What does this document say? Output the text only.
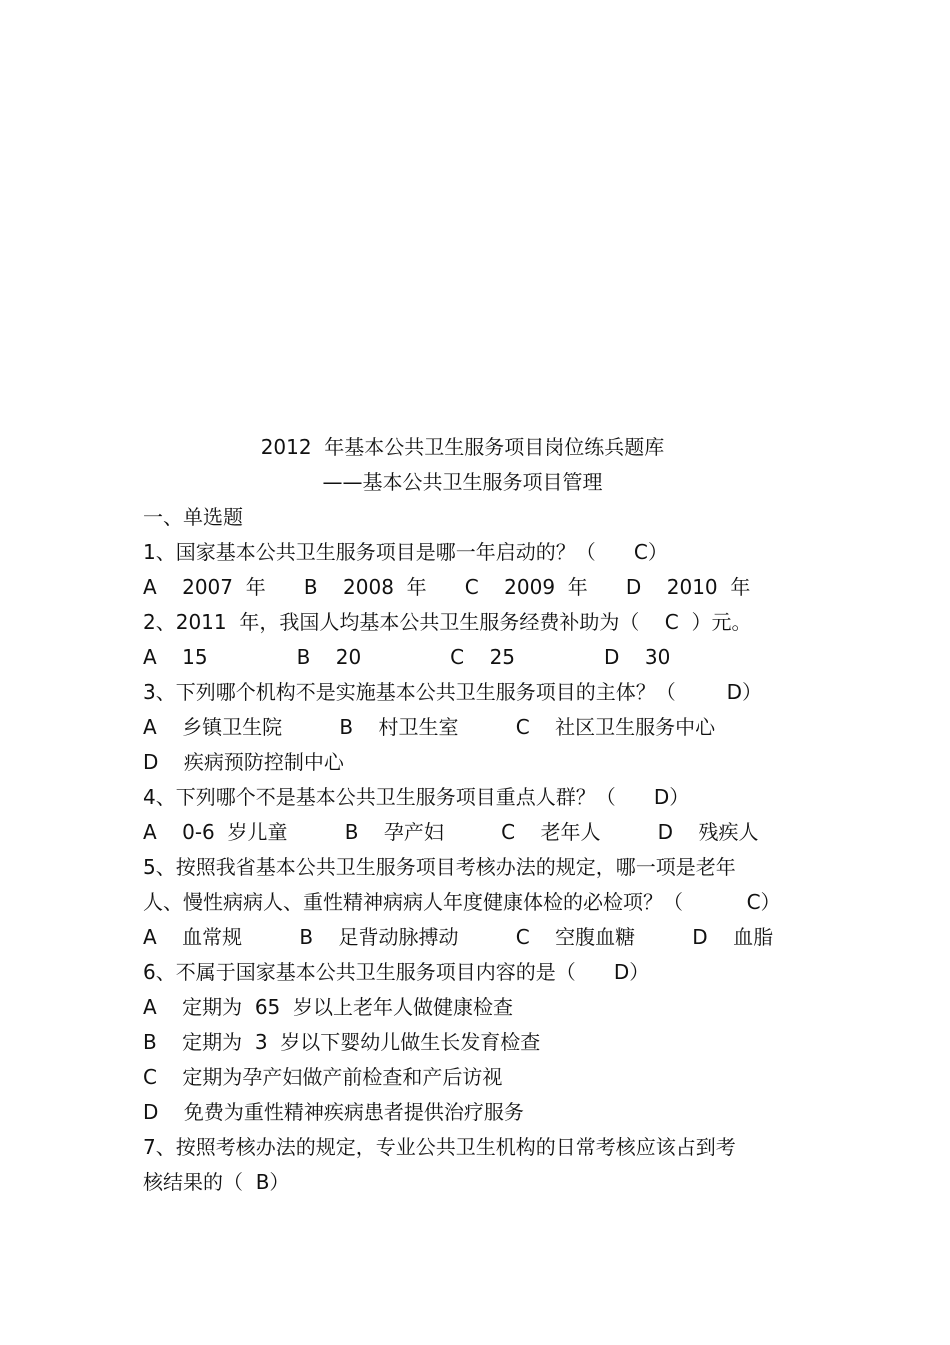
2012  年基本公共卫生服务项目岗位练兵题库
——基本公共卫生服务项目管理
一、单选题
1、国家基本公共卫生服务项目是哪一年启动的？（      C）
A    2007  年      B    2008  年      C    2009  年      D    2010  年
2、2011  年，我国人均基本公共卫生服务经费补助为（    C  ）元。
A    15              B    20              C    25              D    30
3、下列哪个机构不是实施基本公共卫生服务项目的主体？（        D）
A    乡镇卫生院         B    村卫生室         C    社区卫生服务中心
D    疾病预防控制中心
4、下列哪个不是基本公共卫生服务项目重点人群？（      D）
A    0-6  岁儿童         B    孕产妇         C    老年人         D    残疾人
5、按照我省基本公共卫生服务项目考核办法的规定，哪一项是老年
人、慢性病病人、重性精神病病人年度健康体检的必检项？（          C）
A    血常规         B    足背动脉搏动         C    空腹血糖         D    血脂
6、不属于国家基本公共卫生服务项目内容的是（      D）
A    定期为  65  岁以上老年人做健康检查
B    定期为  3  岁以下婴幼儿做生长发育检查
C    定期为孕产妇做产前检查和产后访视
D    免费为重性精神疾病患者提供治疗服务
7、按照考核办法的规定，专业公共卫生机构的日常考核应该占到考
核结果的（  B）
